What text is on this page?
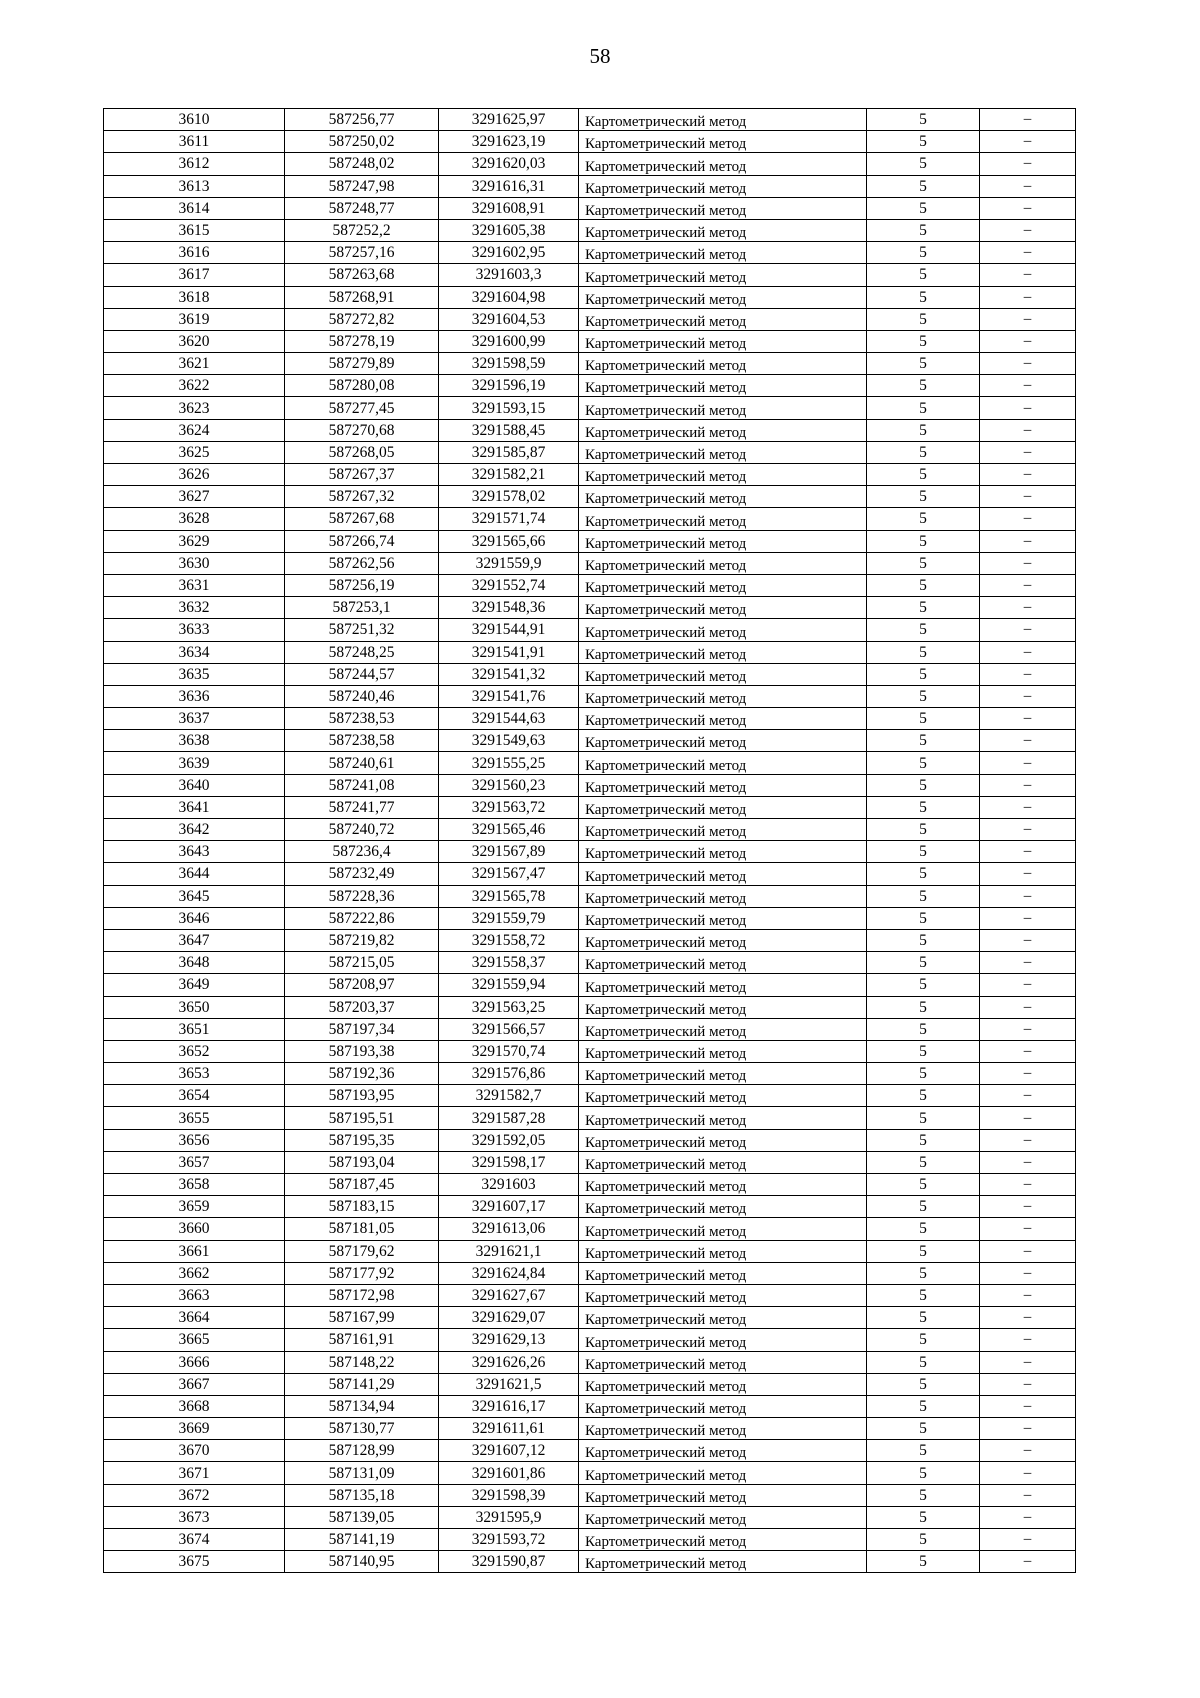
58
3610	587256,77	3291625,97	Картометрический метод	5	–
3611	587250,02	3291623,19	Картометрический метод	5	–
3612	587248,02	3291620,03	Картометрический метод	5	–
3613	587247,98	3291616,31	Картометрический метод	5	–
3614	587248,77	3291608,91	Картометрический метод	5	–
3615	587252,2	3291605,38	Картометрический метод	5	–
3616	587257,16	3291602,95	Картометрический метод	5	–
3617	587263,68	3291603,3	Картометрический метод	5	–
3618	587268,91	3291604,98	Картометрический метод	5	–
3619	587272,82	3291604,53	Картометрический метод	5	–
3620	587278,19	3291600,99	Картометрический метод	5	–
3621	587279,89	3291598,59	Картометрический метод	5	–
3622	587280,08	3291596,19	Картометрический метод	5	–
3623	587277,45	3291593,15	Картометрический метод	5	–
3624	587270,68	3291588,45	Картометрический метод	5	–
3625	587268,05	3291585,87	Картометрический метод	5	–
3626	587267,37	3291582,21	Картометрический метод	5	–
3627	587267,32	3291578,02	Картометрический метод	5	–
3628	587267,68	3291571,74	Картометрический метод	5	–
3629	587266,74	3291565,66	Картометрический метод	5	–
3630	587262,56	3291559,9	Картометрический метод	5	–
3631	587256,19	3291552,74	Картометрический метод	5	–
3632	587253,1	3291548,36	Картометрический метод	5	–
3633	587251,32	3291544,91	Картометрический метод	5	–
3634	587248,25	3291541,91	Картометрический метод	5	–
3635	587244,57	3291541,32	Картометрический метод	5	–
3636	587240,46	3291541,76	Картометрический метод	5	–
3637	587238,53	3291544,63	Картометрический метод	5	–
3638	587238,58	3291549,63	Картометрический метод	5	–
3639	587240,61	3291555,25	Картометрический метод	5	–
3640	587241,08	3291560,23	Картометрический метод	5	–
3641	587241,77	3291563,72	Картометрический метод	5	–
3642	587240,72	3291565,46	Картометрический метод	5	–
3643	587236,4	3291567,89	Картометрический метод	5	–
3644	587232,49	3291567,47	Картометрический метод	5	–
3645	587228,36	3291565,78	Картометрический метод	5	–
3646	587222,86	3291559,79	Картометрический метод	5	–
3647	587219,82	3291558,72	Картометрический метод	5	–
3648	587215,05	3291558,37	Картометрический метод	5	–
3649	587208,97	3291559,94	Картометрический метод	5	–
3650	587203,37	3291563,25	Картометрический метод	5	–
3651	587197,34	3291566,57	Картометрический метод	5	–
3652	587193,38	3291570,74	Картометрический метод	5	–
3653	587192,36	3291576,86	Картометрический метод	5	–
3654	587193,95	3291582,7	Картометрический метод	5	–
3655	587195,51	3291587,28	Картометрический метод	5	–
3656	587195,35	3291592,05	Картометрический метод	5	–
3657	587193,04	3291598,17	Картометрический метод	5	–
3658	587187,45	3291603	Картометрический метод	5	–
3659	587183,15	3291607,17	Картометрический метод	5	–
3660	587181,05	3291613,06	Картометрический метод	5	–
3661	587179,62	3291621,1	Картометрический метод	5	–
3662	587177,92	3291624,84	Картометрический метод	5	–
3663	587172,98	3291627,67	Картометрический метод	5	–
3664	587167,99	3291629,07	Картометрический метод	5	–
3665	587161,91	3291629,13	Картометрический метод	5	–
3666	587148,22	3291626,26	Картометрический метод	5	–
3667	587141,29	3291621,5	Картометрический метод	5	–
3668	587134,94	3291616,17	Картометрический метод	5	–
3669	587130,77	3291611,61	Картометрический метод	5	–
3670	587128,99	3291607,12	Картометрический метод	5	–
3671	587131,09	3291601,86	Картометрический метод	5	–
3672	587135,18	3291598,39	Картометрический метод	5	–
3673	587139,05	3291595,9	Картометрический метод	5	–
3674	587141,19	3291593,72	Картометрический метод	5	–
3675	587140,95	3291590,87	Картометрический метод	5	–
